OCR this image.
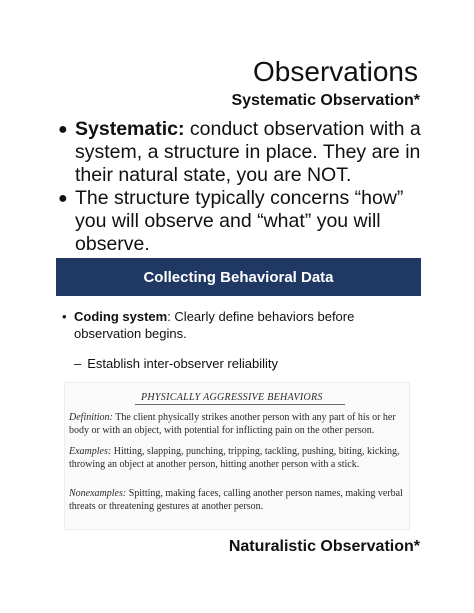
Observations
Systematic Observation*
● Systematic: conduct observation with a system, a structure in place. They are in their natural state, you are NOT.
● The structure typically concerns “how” you will observe and “what” you will observe.
Collecting Behavioral Data
• Coding system: Clearly define behaviors before observation begins.
– Establish inter-observer reliability
PHYSICALLY AGGRESSIVE BEHAVIORS
Definition: The client physically strikes another person with any part of his or her body or with an object, with potential for inflicting pain on the other person.
Examples: Hitting, slapping, punching, tripping, tackling, pushing, biting, kicking, throwing an object at another person, hitting another person with a stick.
Nonexamples: Spitting, making faces, calling another person names, making verbal threats or threatening gestures at another person.
Naturalistic Observation*
